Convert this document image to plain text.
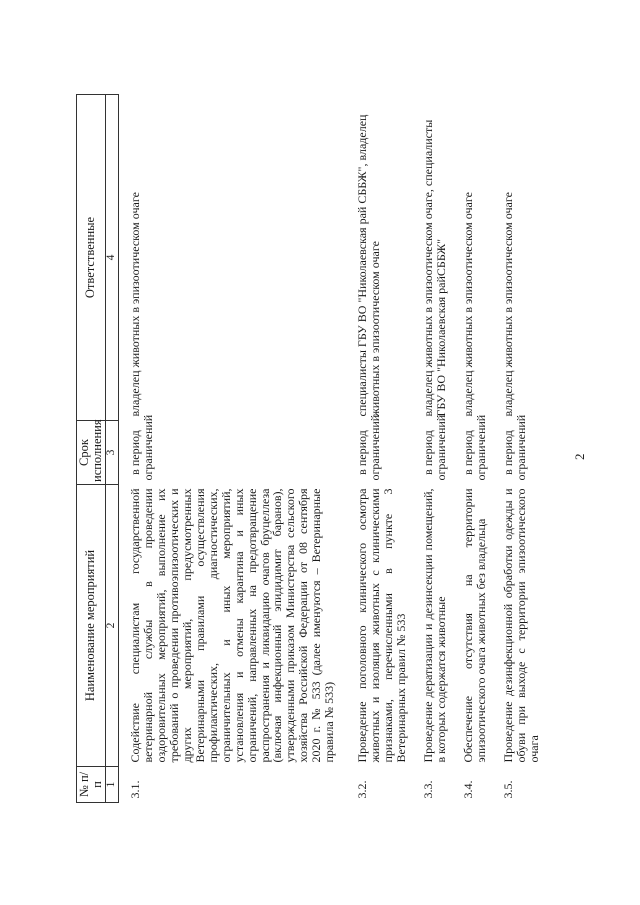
2
№ п/п	Наименование мероприятий	Срок исполнения	Ответственные
1	2	3	4
3.1.	Содействие специалистам государственной ветеринарной службы в проведении оздоровительных мероприятий, выполнение их требований о проведении противоэпизоотических и других мероприятий, предусмотренных Ветеринарными правилами осуществления профилактических, диагностических, ограничительных и иных мероприятий, установления и отмены карантина и иных ограничений, направленных на предотвращение распространения и ликвидацию очагов бруцеллеза (включая инфекционный эпидидимит баранов), утвержденными приказом Министерства сельского хозяйства Российской Федерации от 08 сентября 2020 г. № 533 (далее именуются – Ветеринарные правила № 533)	в период ограничений	владелец животных в эпизоотическом очаге
3.2.	Проведение поголовного клинического осмотра животных и изоляция животных с клиническими признаками, перечисленными в пункте 3 Ветеринарных правил № 533	в период ограничений	специалисты ГБУ ВО "Николаевская рай СББЖ", владелец животных в эпизоотическом очаге
3.3.	Проведение дератизации и дезинсекции помещений, в которых содержатся животные	в период ограничений	владелец животных в эпизоотическом очаге, специалисты ГБУ ВО "Николаевская райСББЖ"
3.4.	Обеспечение отсутствия на территории эпизоотического очага животных без владельца	в период ограничений	владелец животных в эпизоотическом очаге
3.5.	Проведение дезинфекционной обработки одежды и обуви при выходе с территории эпизоотического очага	в период ограничений	владелец животных в эпизоотическом очаге
